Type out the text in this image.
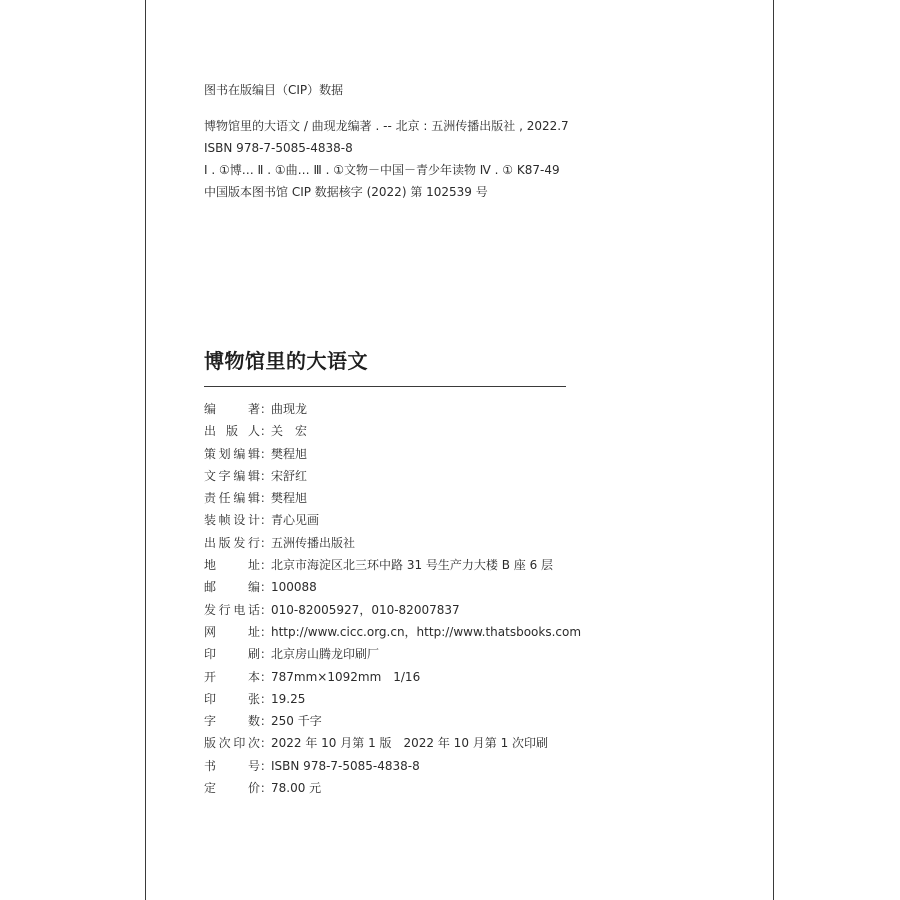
图书在版编目（CIP）数据
博物馆里的大语文 / 曲现龙编著 . -- 北京 : 五洲传播出版社 , 2022.7
ISBN 978-7-5085-4838-8
Ⅰ . ①博… Ⅱ . ①曲… Ⅲ . ①文物－中国－青少年读物 Ⅳ . ① K87-49
中国版本图书馆 CIP 数据核字 (2022) 第 102539 号
博物馆里的大语文
编	著 ：
曲现龙
出 版 人 ：
关　宏
策 划 编 辑 ：
樊程旭
文 字 编 辑 ：
宋舒红
责 任 编 辑 ：
樊程旭
装 帧 设 计 ：
青心见画
出 版 发 行 ：
五洲传播出版社
地	址 ：
北京市海淀区北三环中路 31 号生产力大楼 B 座 6 层
邮	编 ：
100088
发 行 电 话 ：
010-82005927，010-82007837
网	址 ：
http://www.cicc.org.cn，http://www.thatsbooks.com
印	刷 ：
北京房山腾龙印刷厂
开	本 ：
787mm×1092mm　1/16
印	张 ：
19.25
字	数 ：
250 千字
版 次 印 次 ：
2022 年 10 月第 1 版　2022 年 10 月第 1 次印刷
书	号 ：
ISBN 978-7-5085-4838-8
定	价 ：
78.00 元
